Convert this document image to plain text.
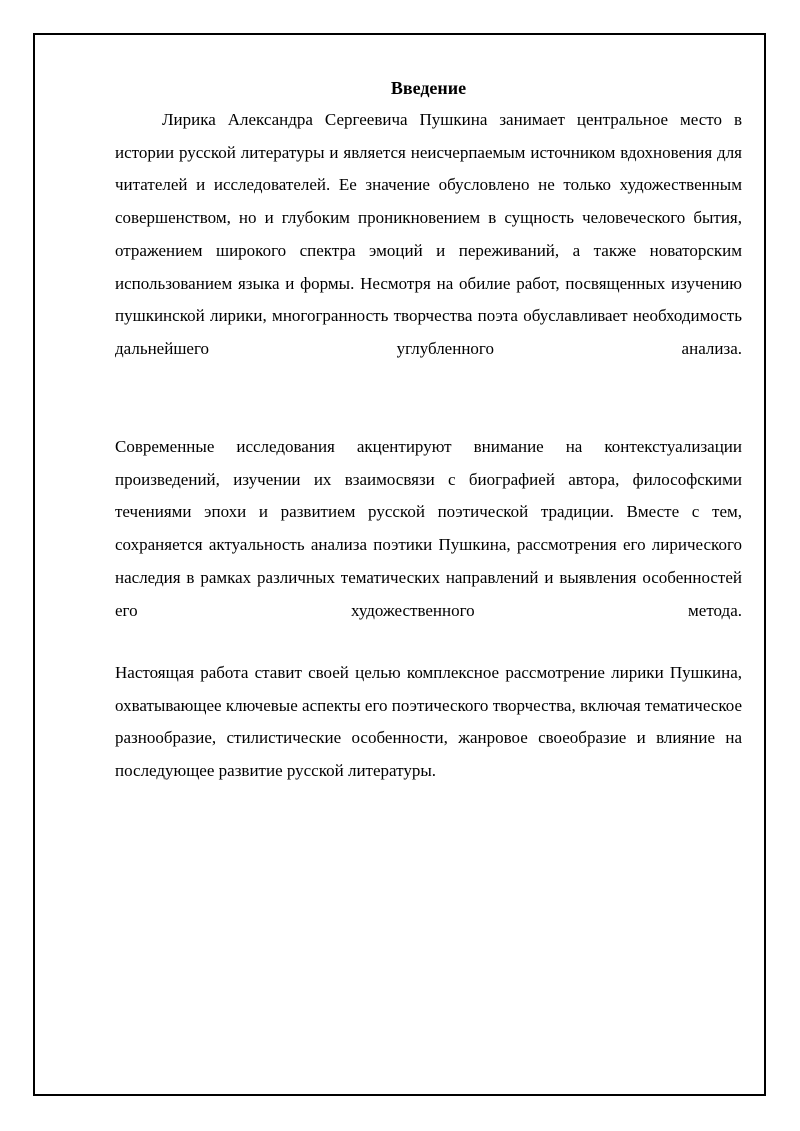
Введение

Лирика Александра Сергеевича Пушкина занимает центральное место в истории русской литературы и является неисчерпаемым источником вдохновения для читателей и исследователей. Ее значение обусловлено не только художественным совершенством, но и глубоким проникновением в сущность человеческого бытия, отражением широкого спектра эмоций и переживаний, а также новаторским использованием языка и формы. Несмотря на обилие работ, посвященных изучению пушкинской лирики, многогранность творчества поэта обуславливает необходимость дальнейшего углубленного анализа.

Современные исследования акцентируют внимание на контекстуализации произведений, изучении их взаимосвязи с биографией автора, философскими течениями эпохи и развитием русской поэтической традиции. Вместе с тем, сохраняется актуальность анализа поэтики Пушкина, рассмотрения его лирического наследия в рамках различных тематических направлений и выявления особенностей его художественного метода.

Настоящая работа ставит своей целью комплексное рассмотрение лирики Пушкина, охватывающее ключевые аспекты его поэтического творчества, включая тематическое разнообразие, стилистические особенности, жанровое своеобразие и влияние на последующее развитие русской литературы.
